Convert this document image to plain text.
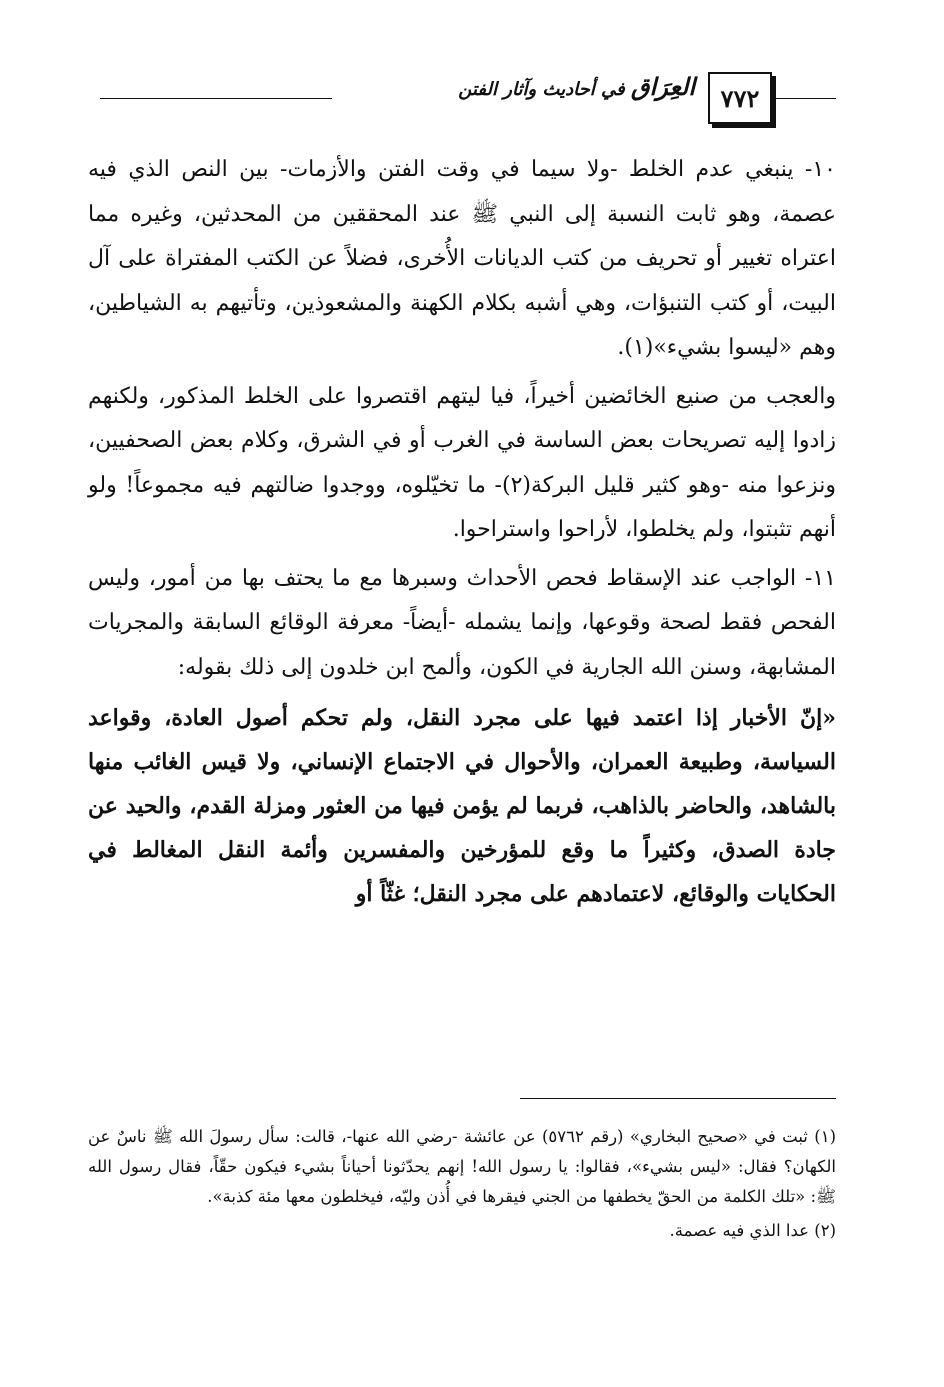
٧٧٢
العِرَاق في أحاديث وآثار الفتن

١٠- ينبغي عدم الخلط -ولا سيما في وقت الفتن والأزمات- بين النص الذي فيه عصمة، وهو ثابت النسبة إلى النبي ﷺ عند المحققين من المحدثين، وغيره مما اعتراه تغيير أو تحريف من كتب الديانات الأُخرى، فضلاً عن الكتب المفتراة على آل البيت، أو كتب التنبؤات، وهي أشبه بكلام الكهنة والمشعوذين، وتأتيهم به الشياطين، وهم «ليسوا بشيء»(١).

والعجب من صنيع الخائضين أخيراً، فيا ليتهم اقتصروا على الخلط المذكور، ولكنهم زادوا إليه تصريحات بعض الساسة في الغرب أو في الشرق، وكلام بعض الصحفيين، ونزعوا منه -وهو كثير قليل البركة(٢)- ما تخيّلوه، ووجدوا ضالتهم فيه مجموعاً! ولو أنهم تثبتوا، ولم يخلطوا، لأراحوا واستراحوا.

١١- الواجب عند الإسقاط فحص الأحداث وسبرها مع ما يحتف بها من أمور، وليس الفحص فقط لصحة وقوعها، وإنما يشمله -أيضاً- معرفة الوقائع السابقة والمجريات المشابهة، وسنن الله الجارية في الكون، وألمح ابن خلدون إلى ذلك بقوله:

«إنّ الأخبار إذا اعتمد فيها على مجرد النقل، ولم تحكم أصول العادة، وقواعد السياسة، وطبيعة العمران، والأحوال في الاجتماع الإنساني، ولا قيس الغائب منها بالشاهد، والحاضر بالذاهب، فربما لم يؤمن فيها من العثور ومزلة القدم، والحيد عن جادة الصدق، وكثيراً ما وقع للمؤرخين والمفسرين وأئمة النقل المغالط في الحكايات والوقائع، لاعتمادهم على مجرد النقل؛ غثّاً أو

(١) ثبت في «صحيح البخاري» (رقم ٥٧٦٢) عن عائشة -رضي الله عنها-، قالت: سأل رسولَ الله ﷺ ناسٌ عن الكهان؟ فقال: «ليس بشيء»، فقالوا: يا رسول الله! إنهم يحدّثونا أحياناً بشيء فيكون حقّاً، فقال رسول الله ﷺ: «تلك الكلمة من الحقّ يخطفها من الجني فيقرها في أُذن وليّه، فيخلطون معها مئة كذبة».

(٢) عدا الذي فيه عصمة.
